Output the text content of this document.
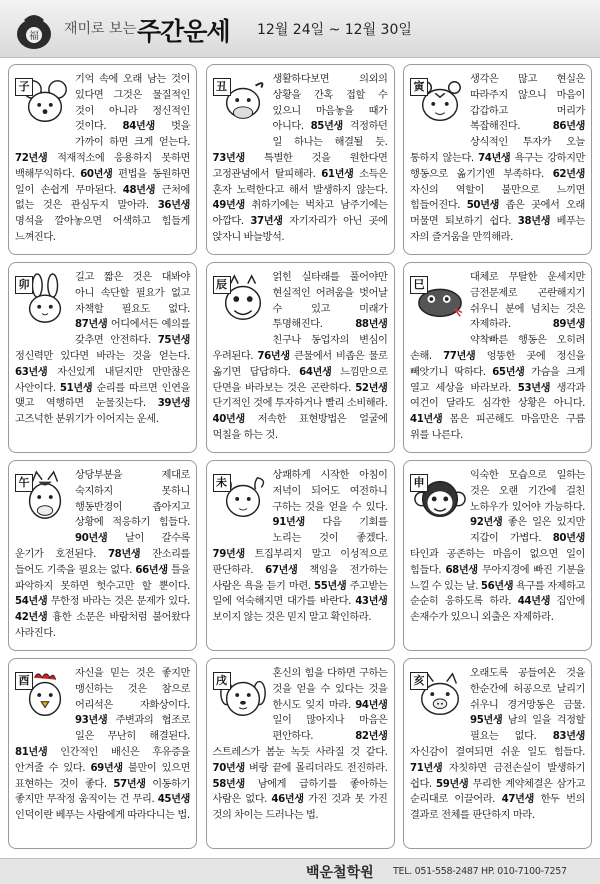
福 재미로 보는 주간운세 12월 24일 ~ 12월 30일
子
기억 속에 오래 남는 것이 있다면 그것은 물질적인 것이 아니라 정신적인 것이다. 84년생 벗을 가까이 하면 크게 얻는다. 72년생 적재적소에 응용하지 못하면 백해무익하다. 60년생 편법을 동원하면 일이 손쉽게 무마된다. 48년생 근처에 없는 것은 관심두지 말아라. 36년생 명석을 깔아놓으면 어색하고 힘들게 느껴진다.
丑
생활하다보면 의외의 상황을 간혹 접할 수 있으니 마음놓을 때가 아니다. 85년생 걱정하던 일 하나는 해결될 듯. 73년생 특별한 것을 원한다면 고정관념에서 탈피해라. 61년생 소득은 혼자 노력한다고 해서 발생하지 않는다. 49년생 취하기에는 벅차고 남주기에는 아깝다. 37년생 자기자리가 아닌 곳에 앉자니 바늘방석.
寅
생각은 많고 현실은 따라주지 않으니 마음이 갑갑하고 머리가 복잡해진다. 86년생 상식적인 투자가 오늘 통하지 않는다. 74년생 욕구는 강하지만 행동으로 옮기기엔 부족하다. 62년생 자신의 역할이 불만으로 느끼면 힘들어진다. 50년생 좁은 곳에서 오래 머물면 퇴보하기 쉽다. 38년생 베푸는 자의 즐거움을 만끽해라.
卯
길고 짧은 것은 대봐야 아니 속단할 필요가 없고 자책할 필요도 없다. 87년생 어디에서든 예의를 갖추면 안전하다. 75년생 정신력만 있다면 바라는 것을 얻는다. 63년생 자신있게 내딛지만 만만찮은 사안이다. 51년생 순리를 따르면 인연을 맺고 역행하면 눈물짓는다. 39년생 고즈넉한 분위기가 이어지는 운세.
辰
얽힌 실타래를 풀어야만 현실적인 어려움을 벗어날 수 있고 미래가 투명해진다. 88년생 친구나 동업자의 변심이 우려된다. 76년생 큰물에서 비좁은 물로 옮기면 답답하다. 64년생 느낌만으로 단면을 바라보는 것은 곤란하다. 52년생 단기적인 것에 투자하거나 빨리 소비해라. 40년생 저속한 표현방법은 얼굴에 먹칠을 하는 것.
巳
대체로 무탈한 운세지만 금전문제로 곤란해지기 쉬우니 분에 넘치는 것은 자제하라. 89년생 약착빠른 행동은 오히려 손해. 77년생 엉뚱한 곳에 정신을 빼앗기니 딱하다. 65년생 가슴을 크게 열고 세상을 바라보라. 53년생 생각과 여건이 달라도 심각한 상황은 아니다. 41년생 몸은 피곤해도 마음만은 구름 위를 나른다.
午
상당부분을 제대로 숙지하지 못하니 행동반경이 좁아지고 상황에 적응하기 힘들다. 90년생 날이 갈수록 운기가 호전된다. 78년생 잔소리를 들어도 기죽을 필요는 없다. 66년생 틀을 파악하지 못하면 헛수고만 할 뿐이다. 54년생 무한정 바라는 것은 문제가 있다. 42년생 흉한 소문은 바람처럼 불어왔다 사라진다.
未
상쾌하게 시작한 아침이 저녁이 되어도 여전하니 구하는 것을 얻을 수 있다. 91년생 다음 기회를 노리는 것이 좋겠다. 79년생 트집부리지 말고 이성적으로 판단하라. 67년생 책임을 전가하는 사람은 욕을 듣기 마련. 55년생 주고받는 일에 억숙해지면 대가를 바란다. 43년생 보이지 않는 것은 믿지 말고 확인하라.
申
익숙한 모습으로 일하는 것은 오랜 기간에 걸친 노하우가 있어야 가능하다. 92년생 좋은 일은 있지만 지갑이 가볍다. 80년생 타인과 공존하는 마음이 없으면 일이 힘들다. 68년생 무아지경에 빠진 기분을 느낄 수 있는 날. 56년생 욕구를 자제하고 순순히 응하도록 하라. 44년생 집안에 손재수가 있으니 외출은 자제하라.
酉
자신을 믿는 것은 좋지만 맹신하는 것은 참으로 어리석은 자화상이다. 93년생 주변과의 협조로 일은 무난히 해결된다. 81년생 인간적인 배신은 후유증을 안겨줄 수 있다. 69년생 불만이 있으면 표현하는 것이 좋다. 57년생 이동하기 좋지만 무작정 움직이는 건 무리. 45년생 인덕이란 베푸는 사람에게 따라다니는 법.
戌
혼신의 힘을 다하면 구하는 것을 얻을 수 있다는 것을 한시도 잊지 마라. 94년생 일이 많아지나 마음은 편안하다. 82년생 스트레스가 봄눈 녹듯 사라질 것 같다. 70년생 벼랑 끝에 몰리더라도 전진하라. 58년생 남에게 급하기를 좋아하는 사람은 없다. 46년생 가진 것과 못 가진 것의 차이는 드러나는 법.
亥
오래도록 공들여온 것을 한순간에 허공으로 날리기 쉬우니 경거망동은 금물. 95년생 남의 일을 걱정할 필요는 없다. 83년생 자신감이 결여되면 쉬운 일도 힘들다. 71년생 자칫하면 금전손실이 발생하기 쉽다. 59년생 무리한 계약체결은 삼가고 순리대로 이끌어라. 47년생 한두 번의 결과로 전체를 판단하지 마라.
백운철학원 TEL. 051-558-2487 HP. 010-7100-7257
